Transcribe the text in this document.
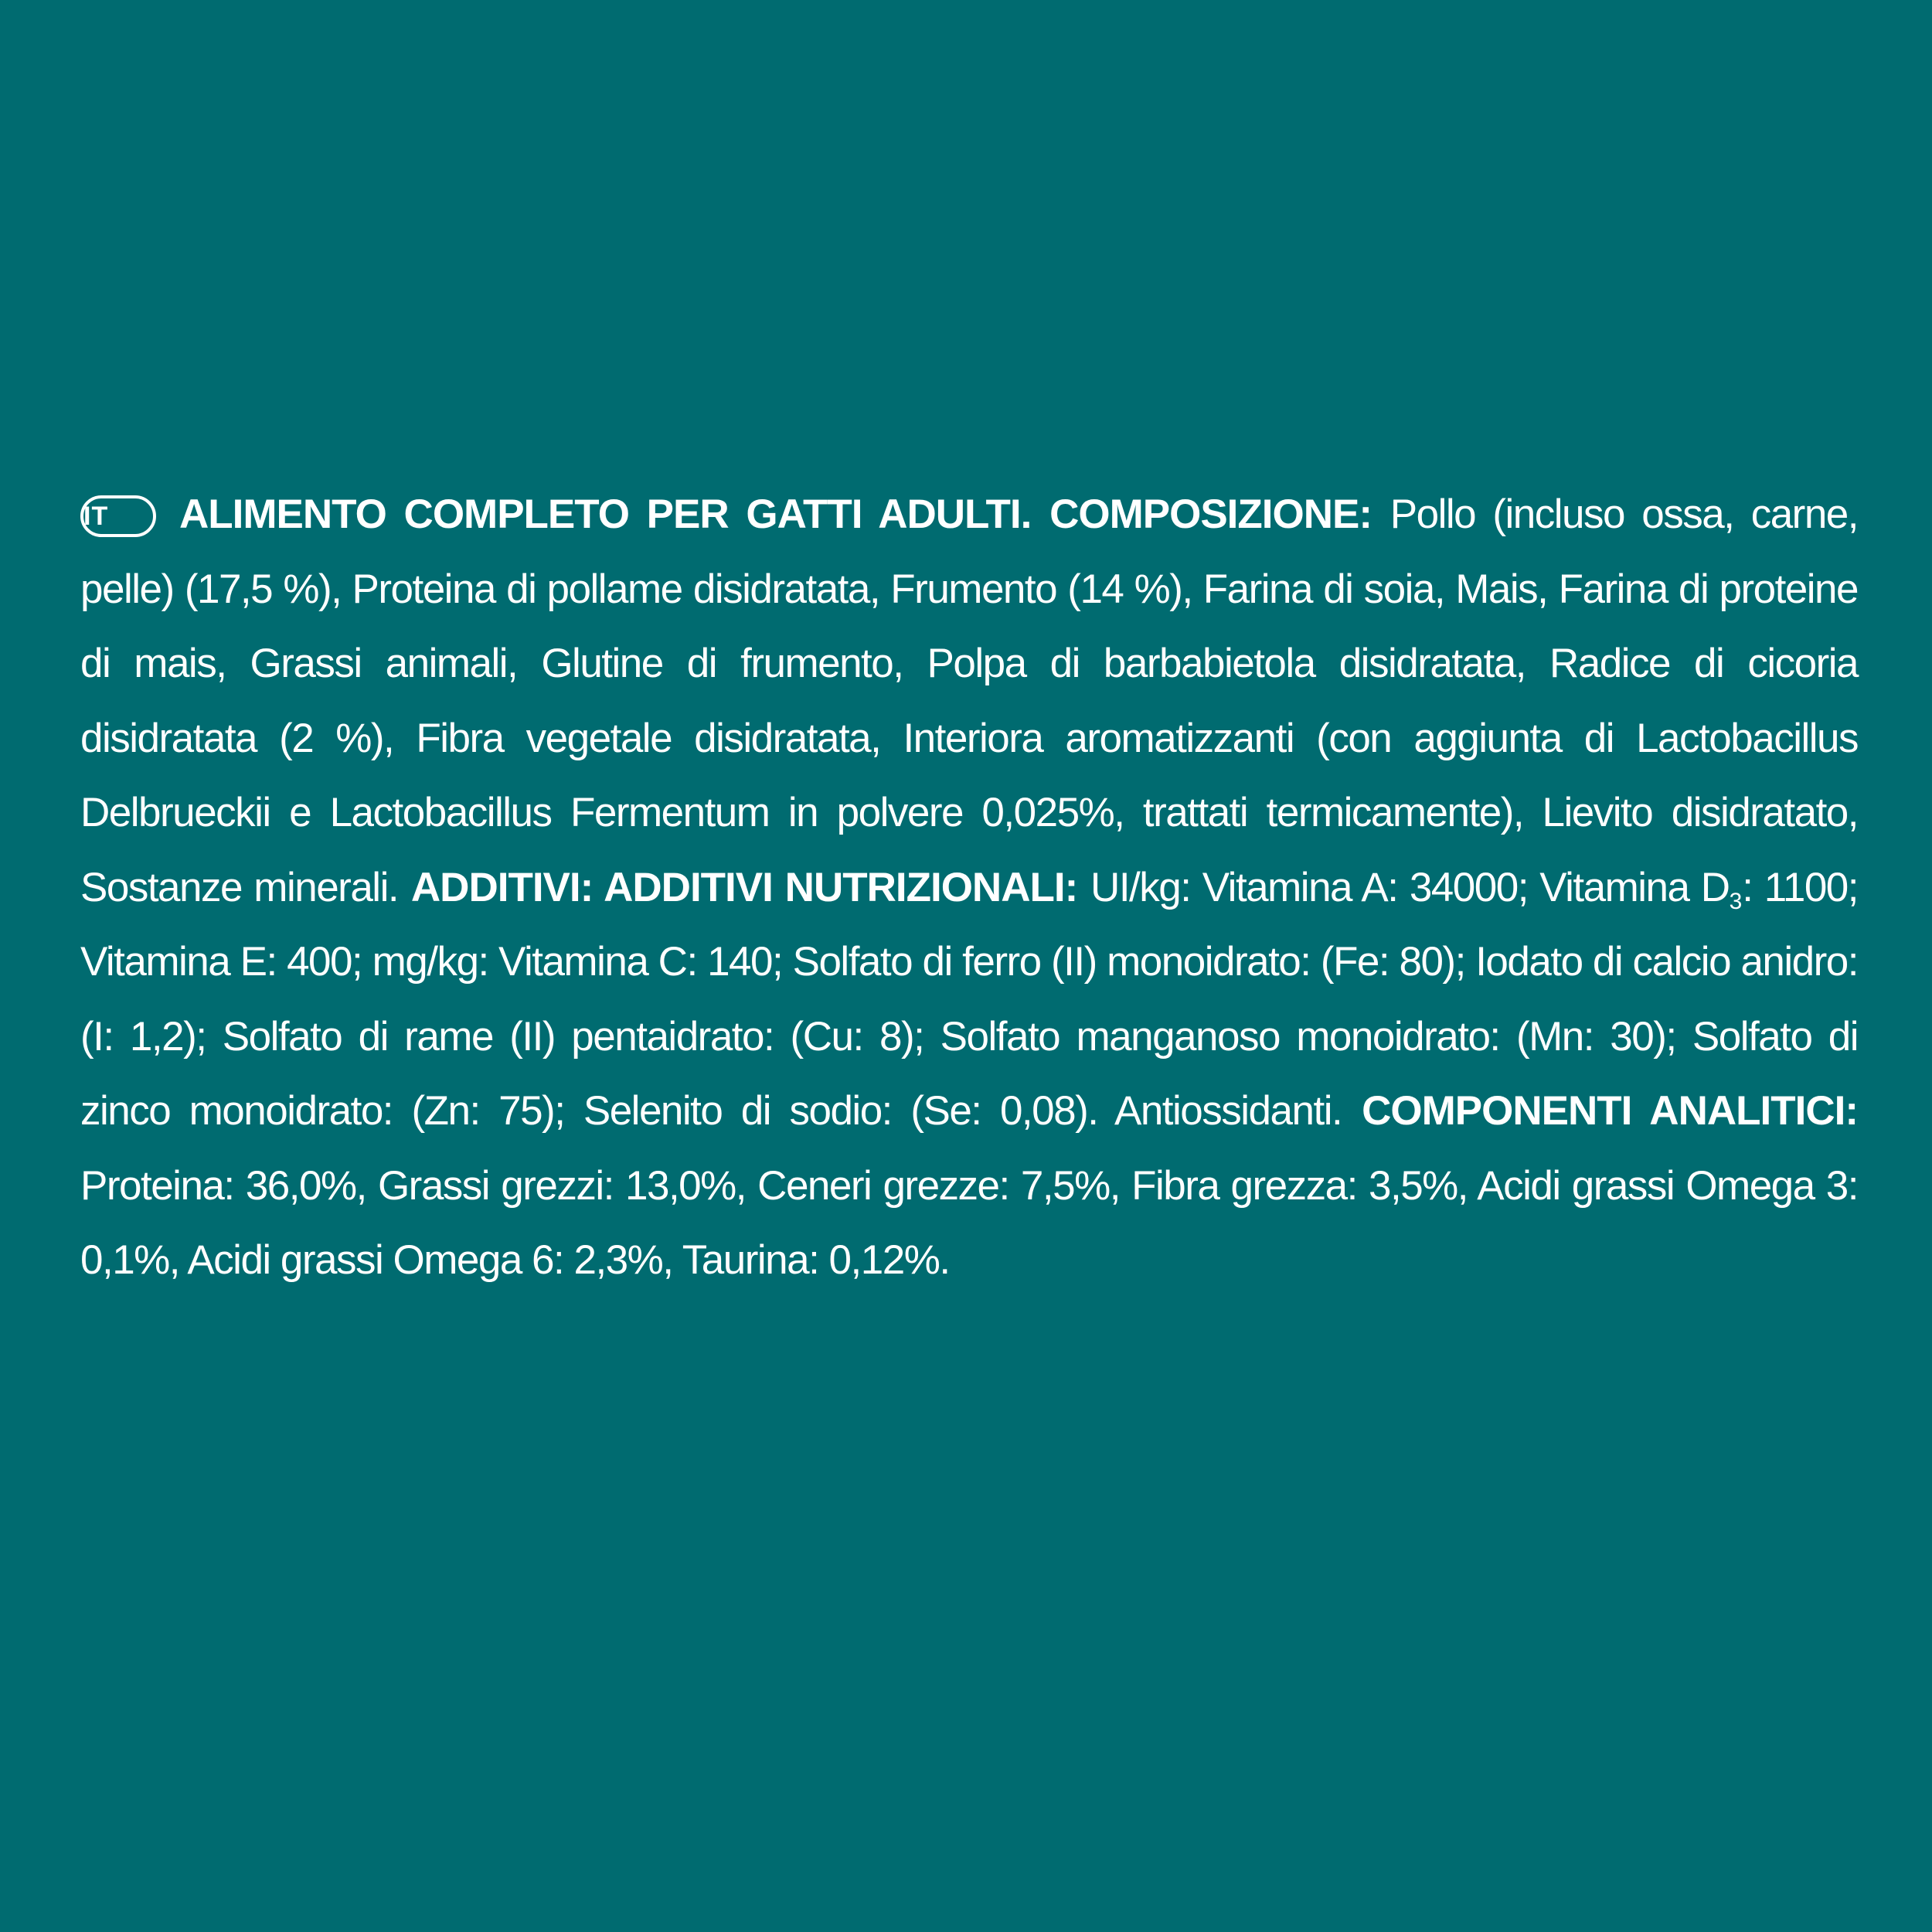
IT ALIMENTO COMPLETO PER GATTI ADULTI. COMPOSIZIONE: Pollo (incluso ossa, carne, pelle) (17,5 %), Proteina di pollame disidratata, Frumento (14 %), Farina di soia, Mais, Farina di proteine di mais, Grassi animali, Glutine di frumento, Polpa di barbabietola disidratata, Radice di cicoria disidratata (2 %), Fibra vegetale disidratata, Interiora aromatizzanti (con aggiunta di Lactobacillus Delbrueckii e Lactobacillus Fermentum in polvere 0,025%, trattati termicamente), Lievito disidratato, Sostanze minerali. ADDITIVI: ADDITIVI NUTRIZIONALI: UI/kg: Vitamina A: 34000; Vitamina $D_3$: 1100; Vitamina E: 400; mg/kg: Vitamina C: 140; Solfato di ferro (II) monoidrato: (Fe: 80); Iodato di calcio anidro: (I: 1,2); Solfato di rame (II) pentaidrato: (Cu: 8); Solfato manganoso monoidrato: (Mn: 30); Solfato di zinco monoidrato: (Zn: 75); Selenito di sodio: (Se: 0,08). Antiossidanti. COMPONENTI ANALITICI: Proteina: 36,0%, Grassi grezzi: 13,0%, Ceneri grezze: 7,5%, Fibra grezza: 3,5%, Acidi grassi Omega 3: 0,1%, Acidi grassi Omega 6: 2,3%, Taurina: 0,12%.
